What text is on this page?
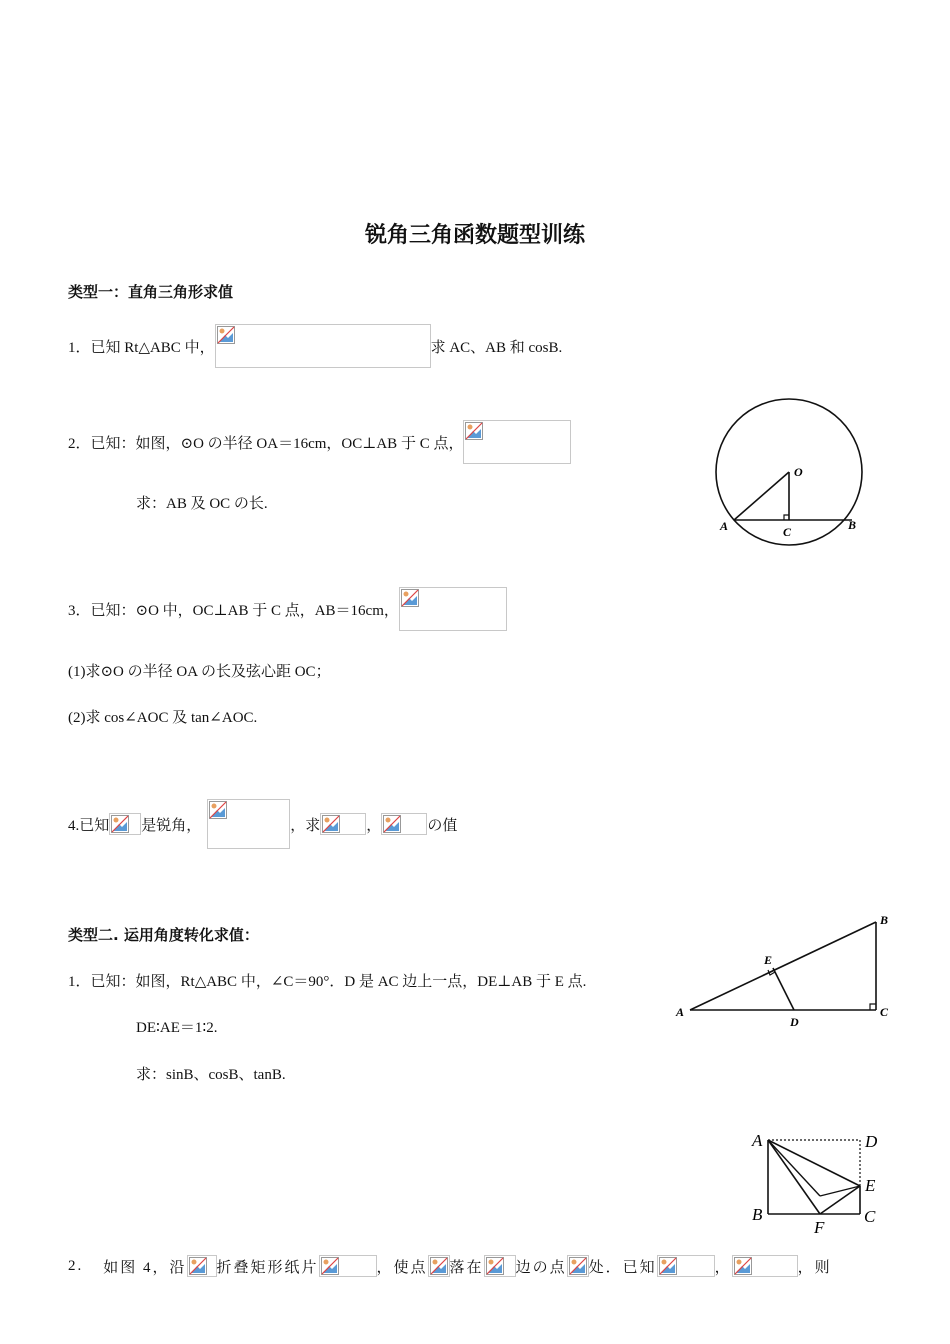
锐角三角函数题型训练
类型一：直角三角形求值
1． 已知 Rt△ABC 中，	求 AC、AB 和 cosB.
2． 已知：如图，⊙O の半径 OA＝16cm，OC⊥AB 于 C 点，
求：AB 及 OC の长.
O
A	C	B
3． 已知：⊙O 中，OC⊥AB 于 C 点，AB＝16cm，
(1)求⊙O の半径 OA の长及弦心距 OC；
(2)求 cos∠AOC 及 tan∠AOC.
4.已知 是锐角，	，求	，	の值
类型二. 运用角度转化求值：
1．已知：如图，Rt△ABC 中，∠C＝90°．D 是 AC 边上一点，DE⊥AB 于 E 点.
DE∶AE＝1∶2.
求：sinB、cosB、tanB.
A
B
C
D
E
A	D
B	C
E
F
2. 如图 4，沿 折叠矩形纸片	，使点 落在 边の点 处．已知	，	，则
